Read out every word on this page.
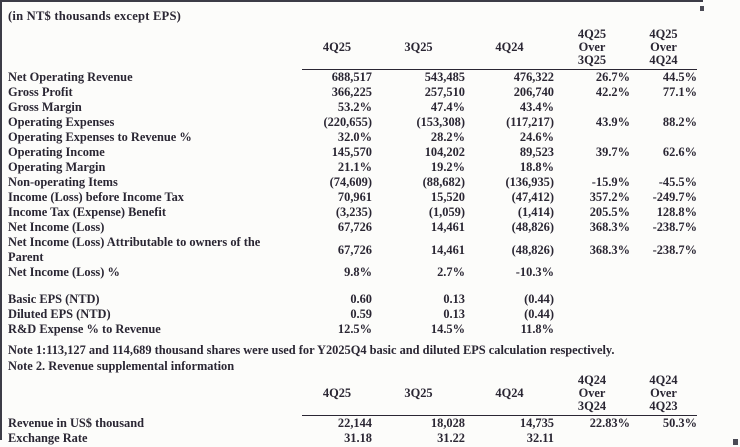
(in NT$ thousands except EPS)
4Q25	3Q25	4Q24
4Q25
Over
3Q25
4Q25
Over
4Q24
Net Operating Revenue	688,517	543,485	476,322	26.7%	44.5%
Gross Profit	366,225	257,510	206,740	42.2%	77.1%
Gross Margin	53.2%	47.4%	43.4%
Operating Expenses	(220,655)	(153,308)	(117,217)	43.9%	88.2%
Operating Expenses to Revenue %	32.0%	28.2%	24.6%
Operating Income	145,570	104,202	89,523	39.7%	62.6%
Operating Margin	21.1%	19.2%	18.8%
Non-operating Items	(74,609)	(88,682)	(136,935)	-15.9%	-45.5%
Income (Loss) before Income Tax	70,961	15,520	(47,412)	357.2%	-249.7%
Income Tax (Expense) Benefit	(3,235)	(1,059)	(1,414)	205.5%	128.8%
Net Income (Loss)	67,726	14,461	(48,826)	368.3%	-238.7%
Net Income (Loss) Attributable to owners of the Parent
67,726	14,461	(48,826)	368.3%	-238.7%
Net Income (Loss) %	9.8%	2.7%	-10.3%
Basic EPS (NTD)	0.60	0.13	(0.44)
Diluted EPS (NTD)	0.59	0.13	(0.44)
R&D Expense % to Revenue	12.5%	14.5%	11.8%
Note 1:113,127 and 114,689 thousand shares were used for Y2025Q4 basic and diluted EPS calculation respectively.
Note 2. Revenue supplemental information
4Q25	3Q25	4Q24
4Q24
Over
3Q24
4Q24
Over
4Q23
Revenue in US$ thousand	22,144	18,028	14,735	22.83%	50.3%
Exchange Rate	31.18	31.22	32.11
